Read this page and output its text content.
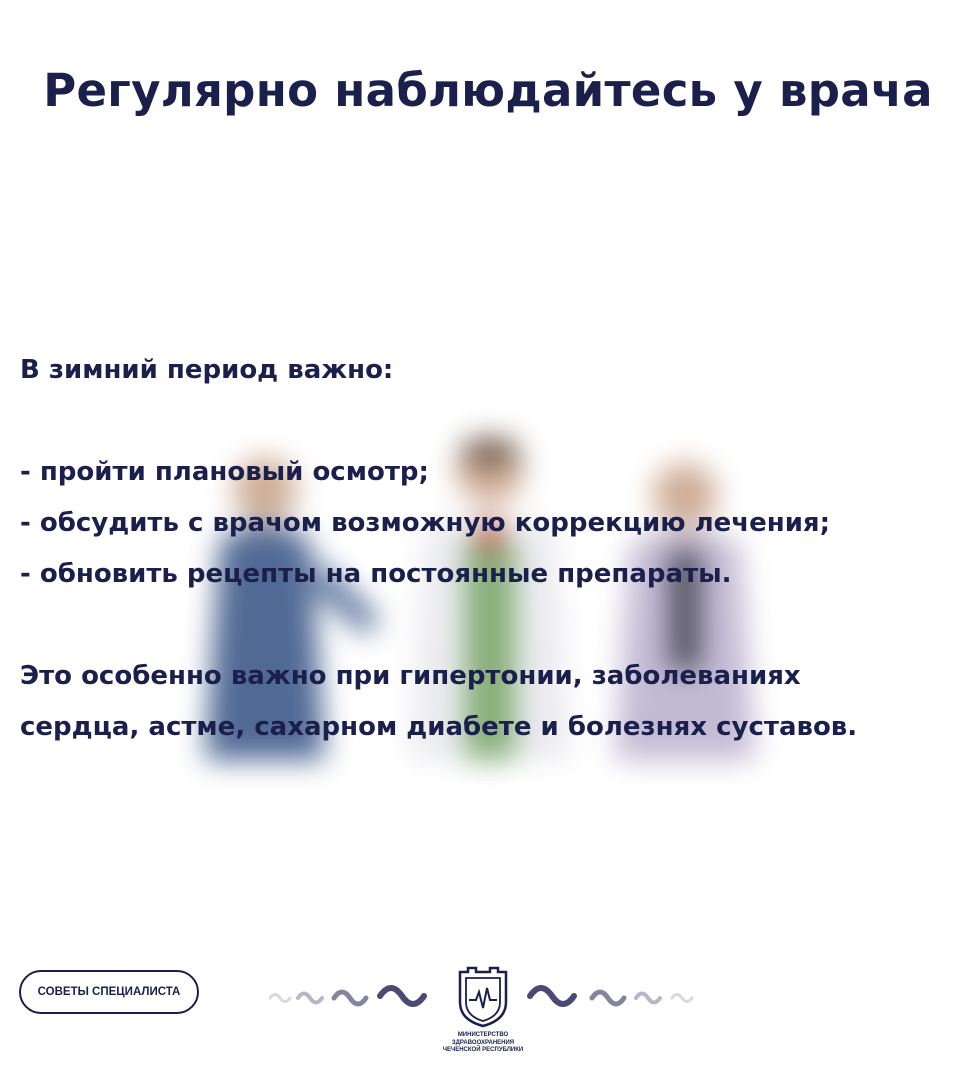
Регулярно наблюдайтесь у врача

В зимний период важно:

- пройти плановый осмотр;

- обсудить с врачом возможную коррекцию лечения;

- обновить рецепты на постоянные препараты.

Это особенно важно при гипертонии, заболеваниях

сердца, астме, сахарном диабете и болезнях суставов.

СОВЕТЫ СПЕЦИАЛИСТА
МИНИСТЕРСТВО
ЗДРАВООХРАНЕНИЯ
ЧЕЧЕНСКОЙ РЕСПУБЛИКИ
